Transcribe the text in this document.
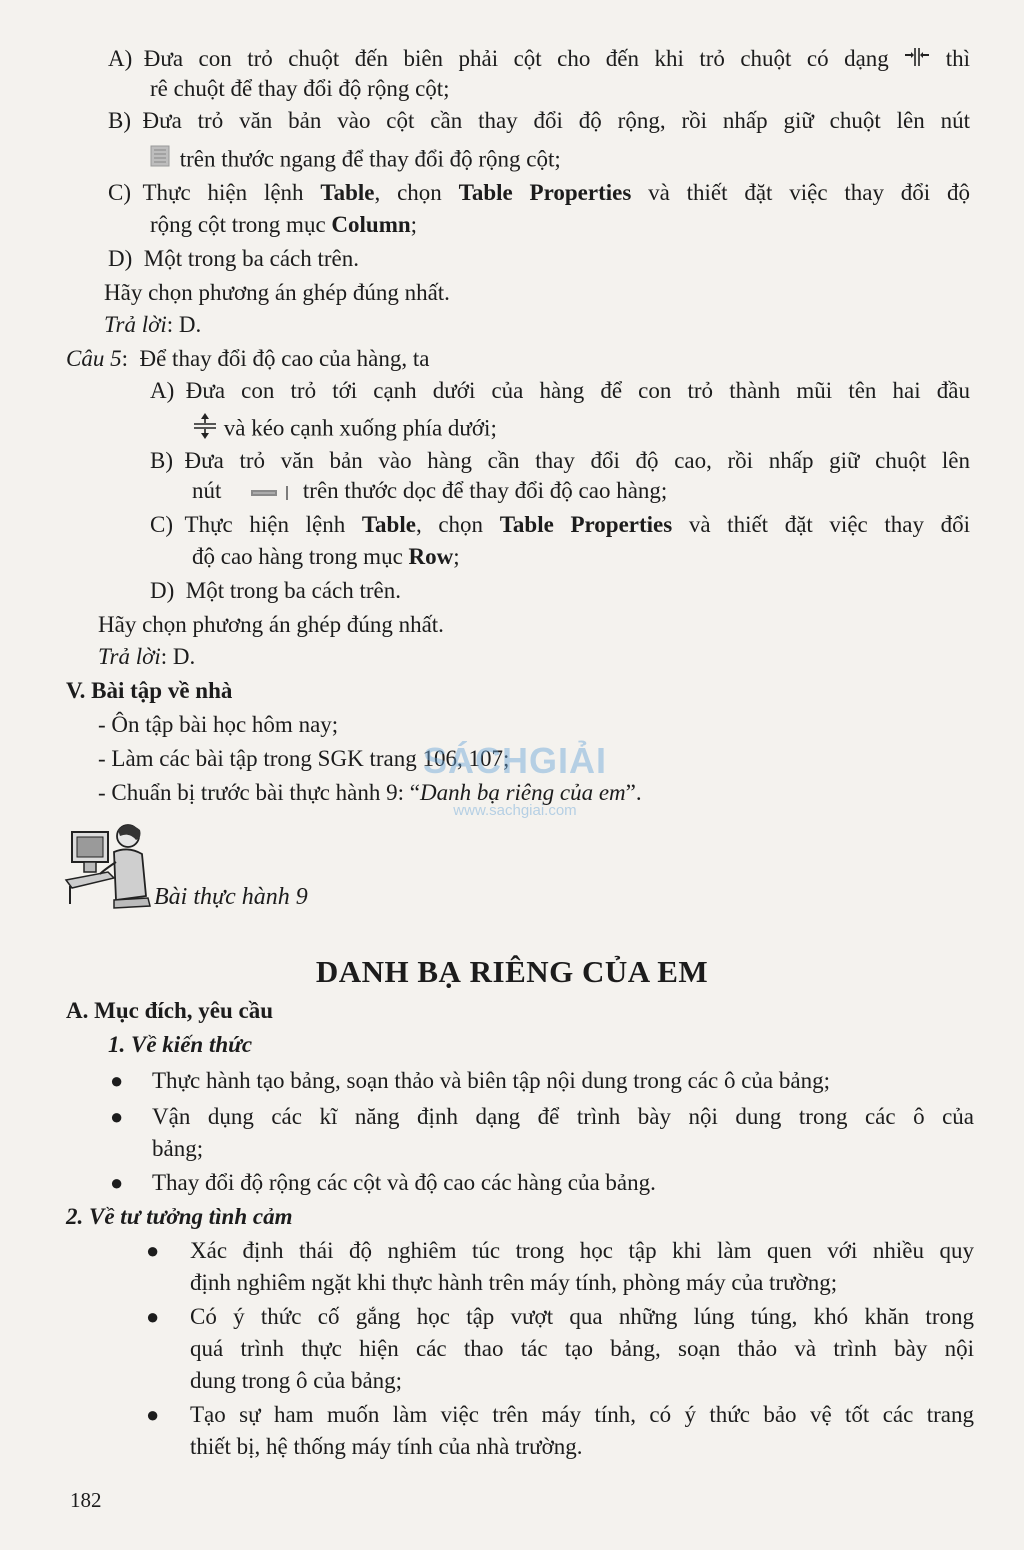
A) Đưa con trỏ chuột đến biên phải cột cho đến khi trỏ chuột có dạng thì
rê chuột để thay đổi độ rộng cột;
B) Đưa trỏ văn bản vào cột cần thay đổi độ rộng, rồi nhấp giữ chuột lên nút
trên thước ngang để thay đổi độ rộng cột;
C) Thực hiện lệnh Table, chọn Table Properties và thiết đặt việc thay đổi độ
rộng cột trong mục Column;
D) Một trong ba cách trên.
Hãy chọn phương án ghép đúng nhất.
Trả lời: D.
Câu 5: Để thay đổi độ cao của hàng, ta
A) Đưa con trỏ tới cạnh dưới của hàng để con trỏ thành mũi tên hai đầu
và kéo cạnh xuống phía dưới;
B) Đưa trỏ văn bản vào hàng cần thay đổi độ cao, rồi nhấp giữ chuột lên
nút	trên thước dọc để thay đổi độ cao hàng;
C) Thực hiện lệnh Table, chọn Table Properties và thiết đặt việc thay đổi
độ cao hàng trong mục Row;
D) Một trong ba cách trên.
Hãy chọn phương án ghép đúng nhất.
Trả lời: D.
V. Bài tập về nhà
- Ôn tập bài học hôm nay;
- Làm các bài tập trong SGK trang 106, 107;
- Chuẩn bị trước bài thực hành 9: “Danh bạ riêng của em”.
SÁCHGIẢI
www.sachgiai.com
Bài thực hành 9
DANH BẠ RIÊNG CỦA EM
A. Mục đích, yêu cầu
1. Về kiến thức
● Thực hành tạo bảng, soạn thảo và biên tập nội dung trong các ô của bảng;
● Vận dụng các kĩ năng định dạng để trình bày nội dung trong các ô của
bảng;
● Thay đổi độ rộng các cột và độ cao các hàng của bảng.
2. Về tư tưởng tình cảm
● Xác định thái độ nghiêm túc trong học tập khi làm quen với nhiều quy
định nghiêm ngặt khi thực hành trên máy tính, phòng máy của trường;
● Có ý thức cố gắng học tập vượt qua những lúng túng, khó khăn trong
quá trình thực hiện các thao tác tạo bảng, soạn thảo và trình bày nội
dung trong ô của bảng;
● Tạo sự ham muốn làm việc trên máy tính, có ý thức bảo vệ tốt các trang
thiết bị, hệ thống máy tính của nhà trường.
182
